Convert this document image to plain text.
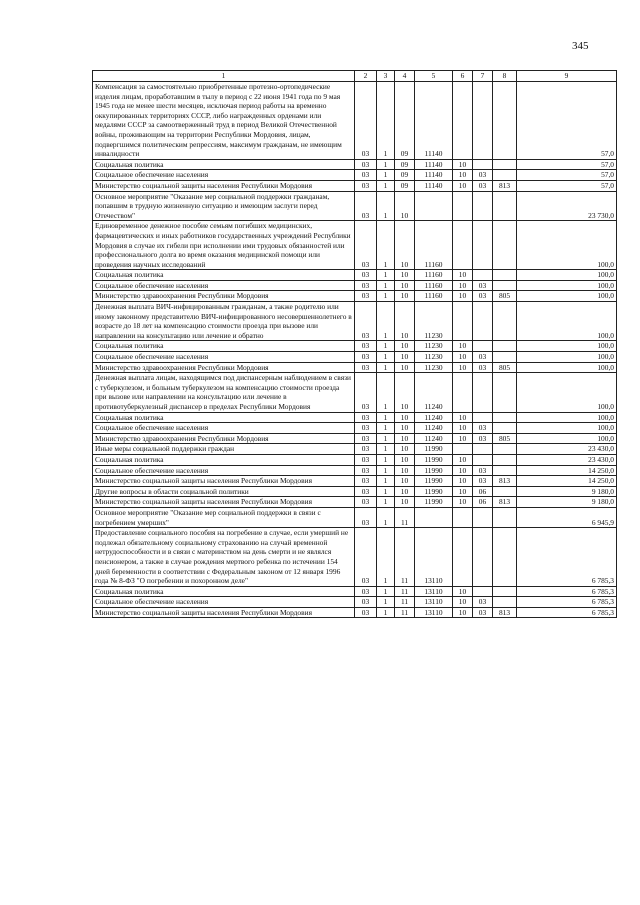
345
1	2	3	4	5	6	7	8	9
Компенсация за самостоятельно приобретенные протезно-ортопедические изделия лицам, проработавшим в тылу в период с 22 июня 1941 года по 9 мая 1945 года не менее шести месяцев, исключая период работы на временно оккупированных территориях СССР, либо награжденных орденами или медалями СССР за самоотверженный труд в период Великой Отечественной войны, проживающим на территории Республики Мордовия, лицам, подвергшимся политическим репрессиям, максимум гражданам, не имеющим инвалидности	03	1	09	11140				57,0
Социальная политика	03	1	09	11140	10			57,0
Социальное обеспечение населения	03	1	09	11140	10	03		57,0
Министерство социальной защиты населения Республики Мордовия	03	1	09	11140	10	03	813	57,0
Основное мероприятие "Оказание мер социальной поддержки гражданам, попавшим в трудную жизненную ситуацию и имеющим заслуги перед Отечеством"	03	1	10					23 730,0
Единовременное денежное пособие семьям погибших медицинских, фармацевтических и иных работников государственных учреждений Республики Мордовия в случае их гибели при исполнении ими трудовых обязанностей или профессионального долга во время оказания медицинской помощи или проведения научных исследований	03	1	10	11160				100,0
Социальная политика	03	1	10	11160	10			100,0
Социальное обеспечение населения	03	1	10	11160	10	03		100,0
Министерство здравоохранения Республики Мордовия	03	1	10	11160	10	03	805	100,0
Денежная выплата ВИЧ-инфицированным гражданам, а также родителю или иному законному представителю ВИЧ-инфицированного несовершеннолетнего в возрасте до 18 лет на компенсацию стоимости проезда при вызове или направлении на консультацию или лечение и обратно	03	1	10	11230				100,0
Социальная политика	03	1	10	11230	10			100,0
Социальное обеспечение населения	03	1	10	11230	10	03		100,0
Министерство здравоохранения Республики Мордовия	03	1	10	11230	10	03	805	100,0
Денежная выплата лицам, находящимся под диспансерным наблюдением в связи с туберкулезом, и больным туберкулезом на компенсацию стоимости проезда при вызове или направлении на консультацию или лечение в противотуберкулезный диспансер в пределах Республики Мордовия	03	1	10	11240				100,0
Социальная политика	03	1	10	11240	10			100,0
Социальное обеспечение населения	03	1	10	11240	10	03		100,0
Министерство здравоохранения Республики Мордовия	03	1	10	11240	10	03	805	100,0
Иные меры социальной поддержки граждан	03	1	10	11990				23 430,0
Социальная политика	03	1	10	11990	10			23 430,0
Социальное обеспечение населения	03	1	10	11990	10	03		14 250,0
Министерство социальной защиты населения Республики Мордовия	03	1	10	11990	10	03	813	14 250,0
Другие вопросы в области социальной политики	03	1	10	11990	10	06		9 180,0
Министерство социальной защиты населения Республики Мордовия	03	1	10	11990	10	06	813	9 180,0
Основное мероприятие "Оказание мер социальной поддержки в связи с погребением умерших"	03	1	11					6 945,9
Предоставление социального пособия на погребение в случае, если умерший не подлежал обязательному социальному страхованию на случай временной нетрудоспособности и в связи с материнством на день смерти и не являлся пенсионером, а также в случае рождения мертвого ребенка по истечении 154 дней беременности в соответствии с Федеральным законом от 12 января 1996 года № 8-ФЗ "О погребении и похоронном деле"	03	1	11	13110				6 785,3
Социальная политика	03	1	11	13110	10			6 785,3
Социальное обеспечение населения	03	1	11	13110	10	03		6 785,3
Министерство социальной защиты населения Республики Мордовия	03	1	11	13110	10	03	813	6 785,3
